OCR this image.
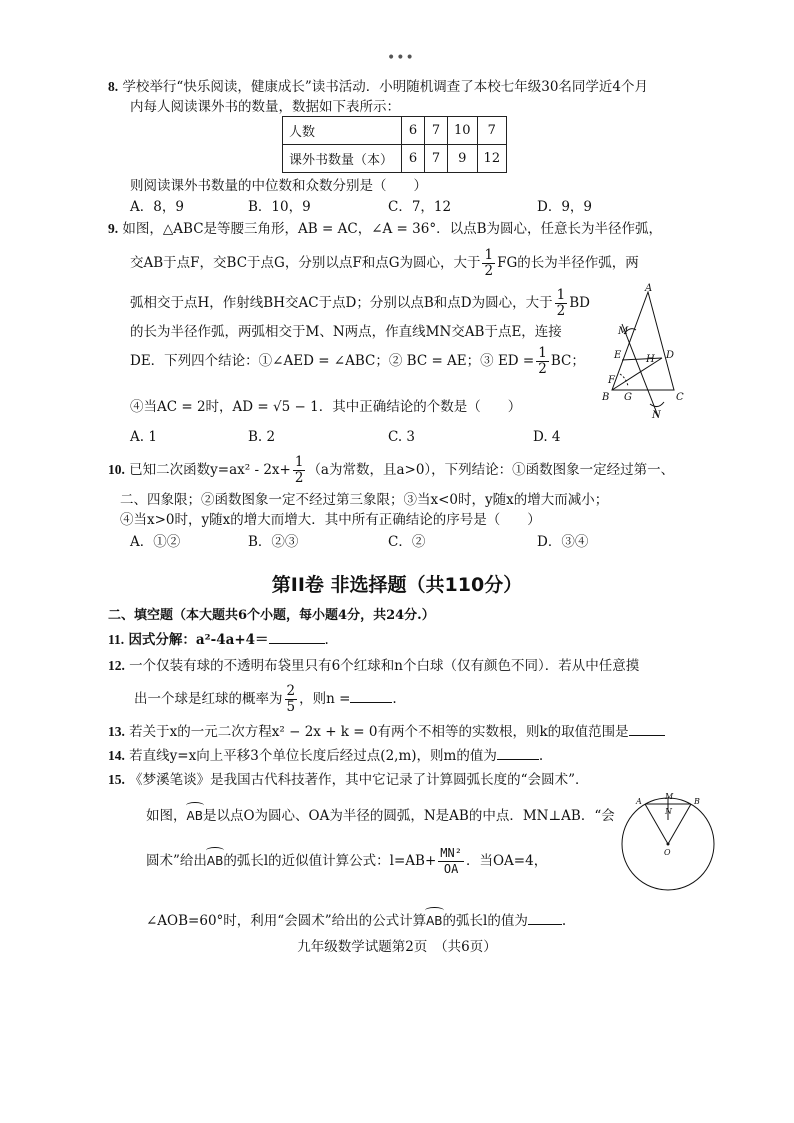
•••
8. 学校举行“快乐阅读，健康成长”读书活动．小明随机调查了本校七年级30名同学近4个月
内每人阅读课外书的数量，数据如下表所示：
人数	6	7	10	7
课外书数量（本）	6	7	9	12
则阅读课外书数量的中位数和众数分别是（　　）
A．8，9	B．10，9	C．7，12	D．9，9
9. 如图，△ABC是等腰三角形，AB = AC，∠A = 36°．以点B为圆心，任意长为半径作弧，
交AB于点F，交BC于点G，分别以点F和点G为圆心，大于 $\frac{1}{2}$ FG的长为半径作弧，两
弧相交于点H，作射线BH交AC于点D；分别以点B和点D为圆心，大于 $\frac{1}{2}$ BD
的长为半径作弧，两弧相交于M、N两点，作直线MN交AB于点E，连接
DE．下列四个结论：①∠AED = ∠ABC；② BC = AE；③ ED = $\frac{1}{2}$ BC；
④当AC = 2时，AD = √5 − 1．其中正确结论的个数是（　　）
A. 1	B. 2	C. 3	D. 4
A
B	C
D
E
F
G
H
M
N
10. 已知二次函数$y=ax^2 - 2x+ \frac{1}{2} (a$为常数，且a>0），下列结论：①函数图象一定经过第一、
二、四象限；②函数图象一定不经过第三象限；③当x<0时，y随x的增大而减小；
④当x>0时，y随x的增大而增大．其中所有正确结论的序号是（　　）
A．①②	B．②③	C．②	D．③④
第II卷 非选择题（共110分）
二、填空题（本大题共6个小题，每小题4分，共24分.）
11. 因式分解：a²-4a+4＝	.
12. 一个仅装有球的不透明布袋里只有6个红球和n个白球（仅有颜色不同）．若从中任意摸
出一个球是红球的概率为 $\frac{2}{5}$ ，则n =	.
13. 若关于x的一元二次方程x² − 2x + k = 0有两个不相等的实数根，则k的取值范围是
14. 若直线y=x向上平移3个单位长度后经过点(2,m)，则m的值为	.
15. 《梦溪笔谈》是我国古代科技著作，其中它记录了计算圆弧长度的“会圆术”．
如图，AB是以点O为圆心、OA为半径的圆弧，N是AB的中点．MN⊥AB．“会
圆术”给出AB的弧长l的近似值计算公式：$l=AB+ \frac{\text{MN²}}{OA}$ ．当OA=4，
∠AOB=60°时，利用“会圆术”给出的公式计算AB的弧长l的值为	.
A	B
M
N
O
九年级数学试题第2页　（共6页）
